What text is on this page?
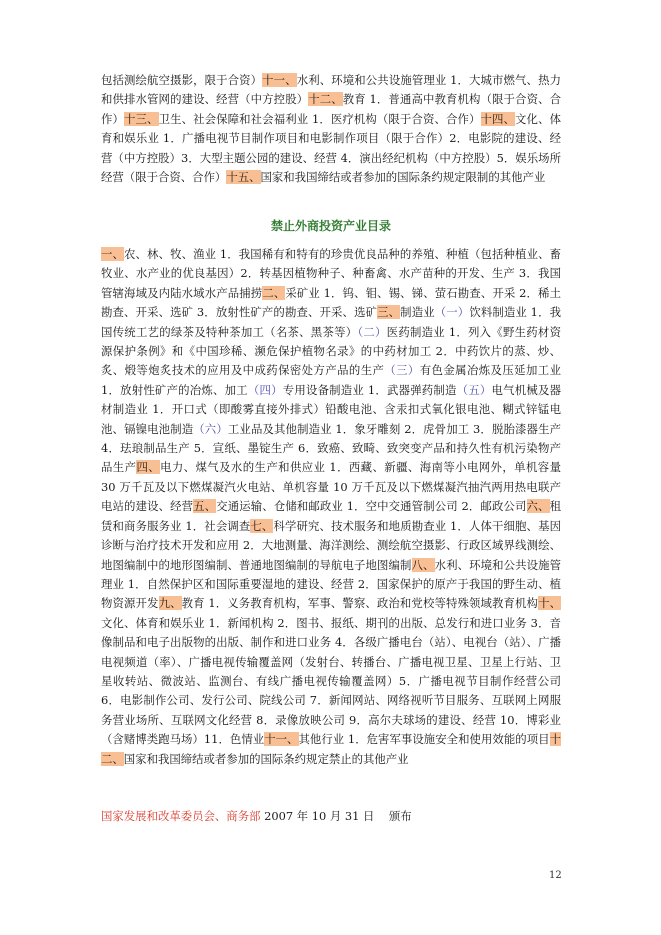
包括测绘航空摄影，限于合资）十一、水利、环境和公共设施管理业 1．大城市燃气、热力和供排水管网的建设、经营（中方控股）十二、教育 1．普通高中教育机构（限于合资、合作）十三、卫生、社会保障和社会福利业 1．医疗机构（限于合资、合作）十四、文化、体育和娱乐业 1．广播电视节目制作项目和电影制作项目（限于合作）2．电影院的建设、经营（中方控股）3．大型主题公园的建设、经营 4．演出经纪机构（中方控股）5．娱乐场所经营（限于合资、合作）十五、国家和我国缔结或者参加的国际条约规定限制的其他产业
禁止外商投资产业目录
一、农、林、牧、渔业 1．我国稀有和特有的珍贵优良品种的养殖、种植（包括种植业、畜牧业、水产业的优良基因）2．转基因植物种子、种畜禽、水产苗种的开发、生产 3．我国管辖海域及内陆水域水产品捕捞二、采矿业 1．钨、钼、锡、锑、萤石勘查、开采 2．稀土勘查、开采、选矿 3．放射性矿产的勘查、开采、选矿三、制造业（一）饮料制造业 1．我国传统工艺的绿茶及特种茶加工（名茶、黑茶等）（二）医药制造业 1．列入《野生药材资源保护条例》和《中国珍稀、濒危保护植物名录》的中药材加工 2．中药饮片的蒸、炒、炙、煅等炮炙技术的应用及中成药保密处方产品的生产（三）有色金属冶炼及压延加工业 1．放射性矿产的冶炼、加工（四）专用设备制造业 1．武器弹药制造（五）电气机械及器材制造业 1．开口式（即酸雾直接外排式）铅酸电池、含汞扣式氧化银电池、糊式锌锰电池、镉镍电池制造（六）工业品及其他制造业 1．象牙雕刻 2．虎骨加工 3．脱胎漆器生产 4．珐琅制品生产 5．宣纸、墨锭生产 6．致癌、致畸、致突变产品和持久性有机污染物产品生产四、电力、煤气及水的生产和供应业 1．西藏、新疆、海南等小电网外，单机容量 30 万千瓦及以下燃煤凝汽火电站、单机容量 10 万千瓦及以下燃煤凝汽抽汽两用热电联产电站的建设、经营五、交通运输、仓储和邮政业 1．空中交通管制公司 2．邮政公司六、租赁和商务服务业 1．社会调查七、科学研究、技术服务和地质勘查业 1．人体干细胞、基因诊断与治疗技术开发和应用 2．大地测量、海洋测绘、测绘航空摄影、行政区域界线测绘、地图编制中的地形图编制、普通地图编制的导航电子地图编制八、水利、环境和公共设施管理业 1．自然保护区和国际重要湿地的建设、经营 2．国家保护的原产于我国的野生动、植物资源开发九、教育 1．义务教育机构，军事、警察、政治和党校等特殊领域教育机构十、文化、体育和娱乐业 1．新闻机构 2．图书、报纸、期刊的出版、总发行和进口业务 3．音像制品和电子出版物的出版、制作和进口业务 4．各级广播电台（站）、电视台（站）、广播电视频道（率）、广播电视传输覆盖网（发射台、转播台、广播电视卫星、卫星上行站、卫星收转站、微波站、监测台、有线广播电视传输覆盖网）5．广播电视节目制作经营公司 6．电影制作公司、发行公司、院线公司 7．新闻网站、网络视听节目服务、互联网上网服务营业场所、互联网文化经营 8．录像放映公司 9．高尔夫球场的建设、经营 10．博彩业（含赌博类跑马场）11．色情业十一、其他行业 1．危害军事设施安全和使用效能的项目十二、国家和我国缔结或者参加的国际条约规定禁止的其他产业
国家发展和改革委员会、商务部 2007 年 10 月 31 日 颁布
12
